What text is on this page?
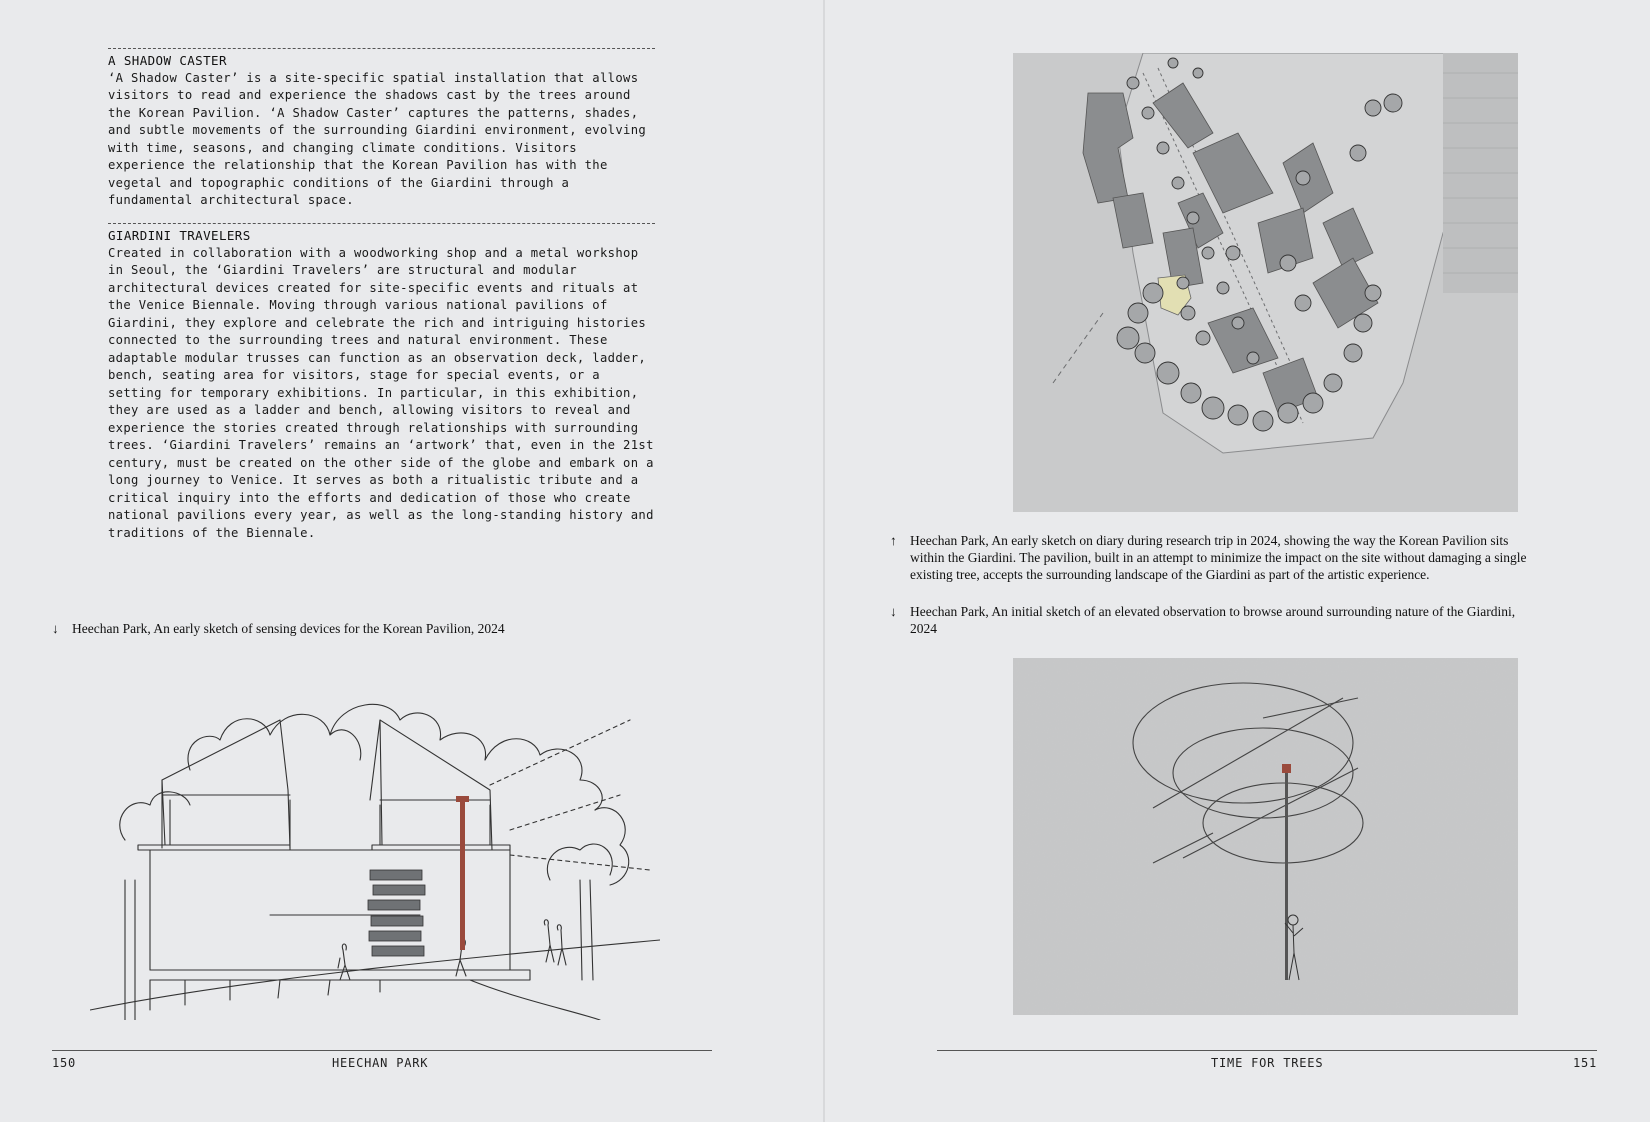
A SHADOW CASTER
‘A Shadow Caster’ is a site-specific spatial installation that allows visitors to read and experience the shadows cast by the trees around the Korean Pavilion. ‘A Shadow Caster’ captures the patterns, shades, and subtle movements of the surrounding Giardini environment, evolving with time, seasons, and changing climate conditions. Visitors experience the relationship that the Korean Pavilion has with the vegetal and topographic conditions of the Giardini through a fundamental architectural space.
GIARDINI TRAVELERS
Created in collaboration with a woodworking shop and a metal workshop in Seoul, the ‘Giardini Travelers’ are structural and modular architectural devices created for site-specific events and rituals at the Venice Biennale. Moving through various national pavilions of Giardini, they explore and celebrate the rich and intriguing histories connected to the surrounding trees and natural environment. These adaptable modular trusses can function as an observation deck, ladder, bench, seating area for visitors, stage for special events, or a setting for temporary exhibitions. In particular, in this exhibition, they are used as a ladder and bench, allowing visitors to reveal and experience the stories created through relationships with surrounding trees. ‘Giardini Travelers’ remains an ‘artwork’ that, even in the 21st century, must be created on the other side of the globe and embark on a long journey to Venice. It serves as both a ritualistic tribute and a critical inquiry into the efforts and dedication of those who create national pavilions every year, as well as the long-standing history and traditions of the Biennale.
↓ Heechan Park, An early sketch of sensing devices for the Korean Pavilion, 2024
150	HEECHAN PARK
↑ Heechan Park, An early sketch on diary during research trip in 2024, showing the way the Korean Pavilion sits within the Giardini. The pavilion, built in an attempt to minimize the impact on the site without damaging a single existing tree, accepts the surrounding landscape of the Giardini as part of the artistic experience.
↓ Heechan Park, An initial sketch of an elevated observation to browse around surrounding nature of the Giardini, 2024
TIME FOR TREES	151
